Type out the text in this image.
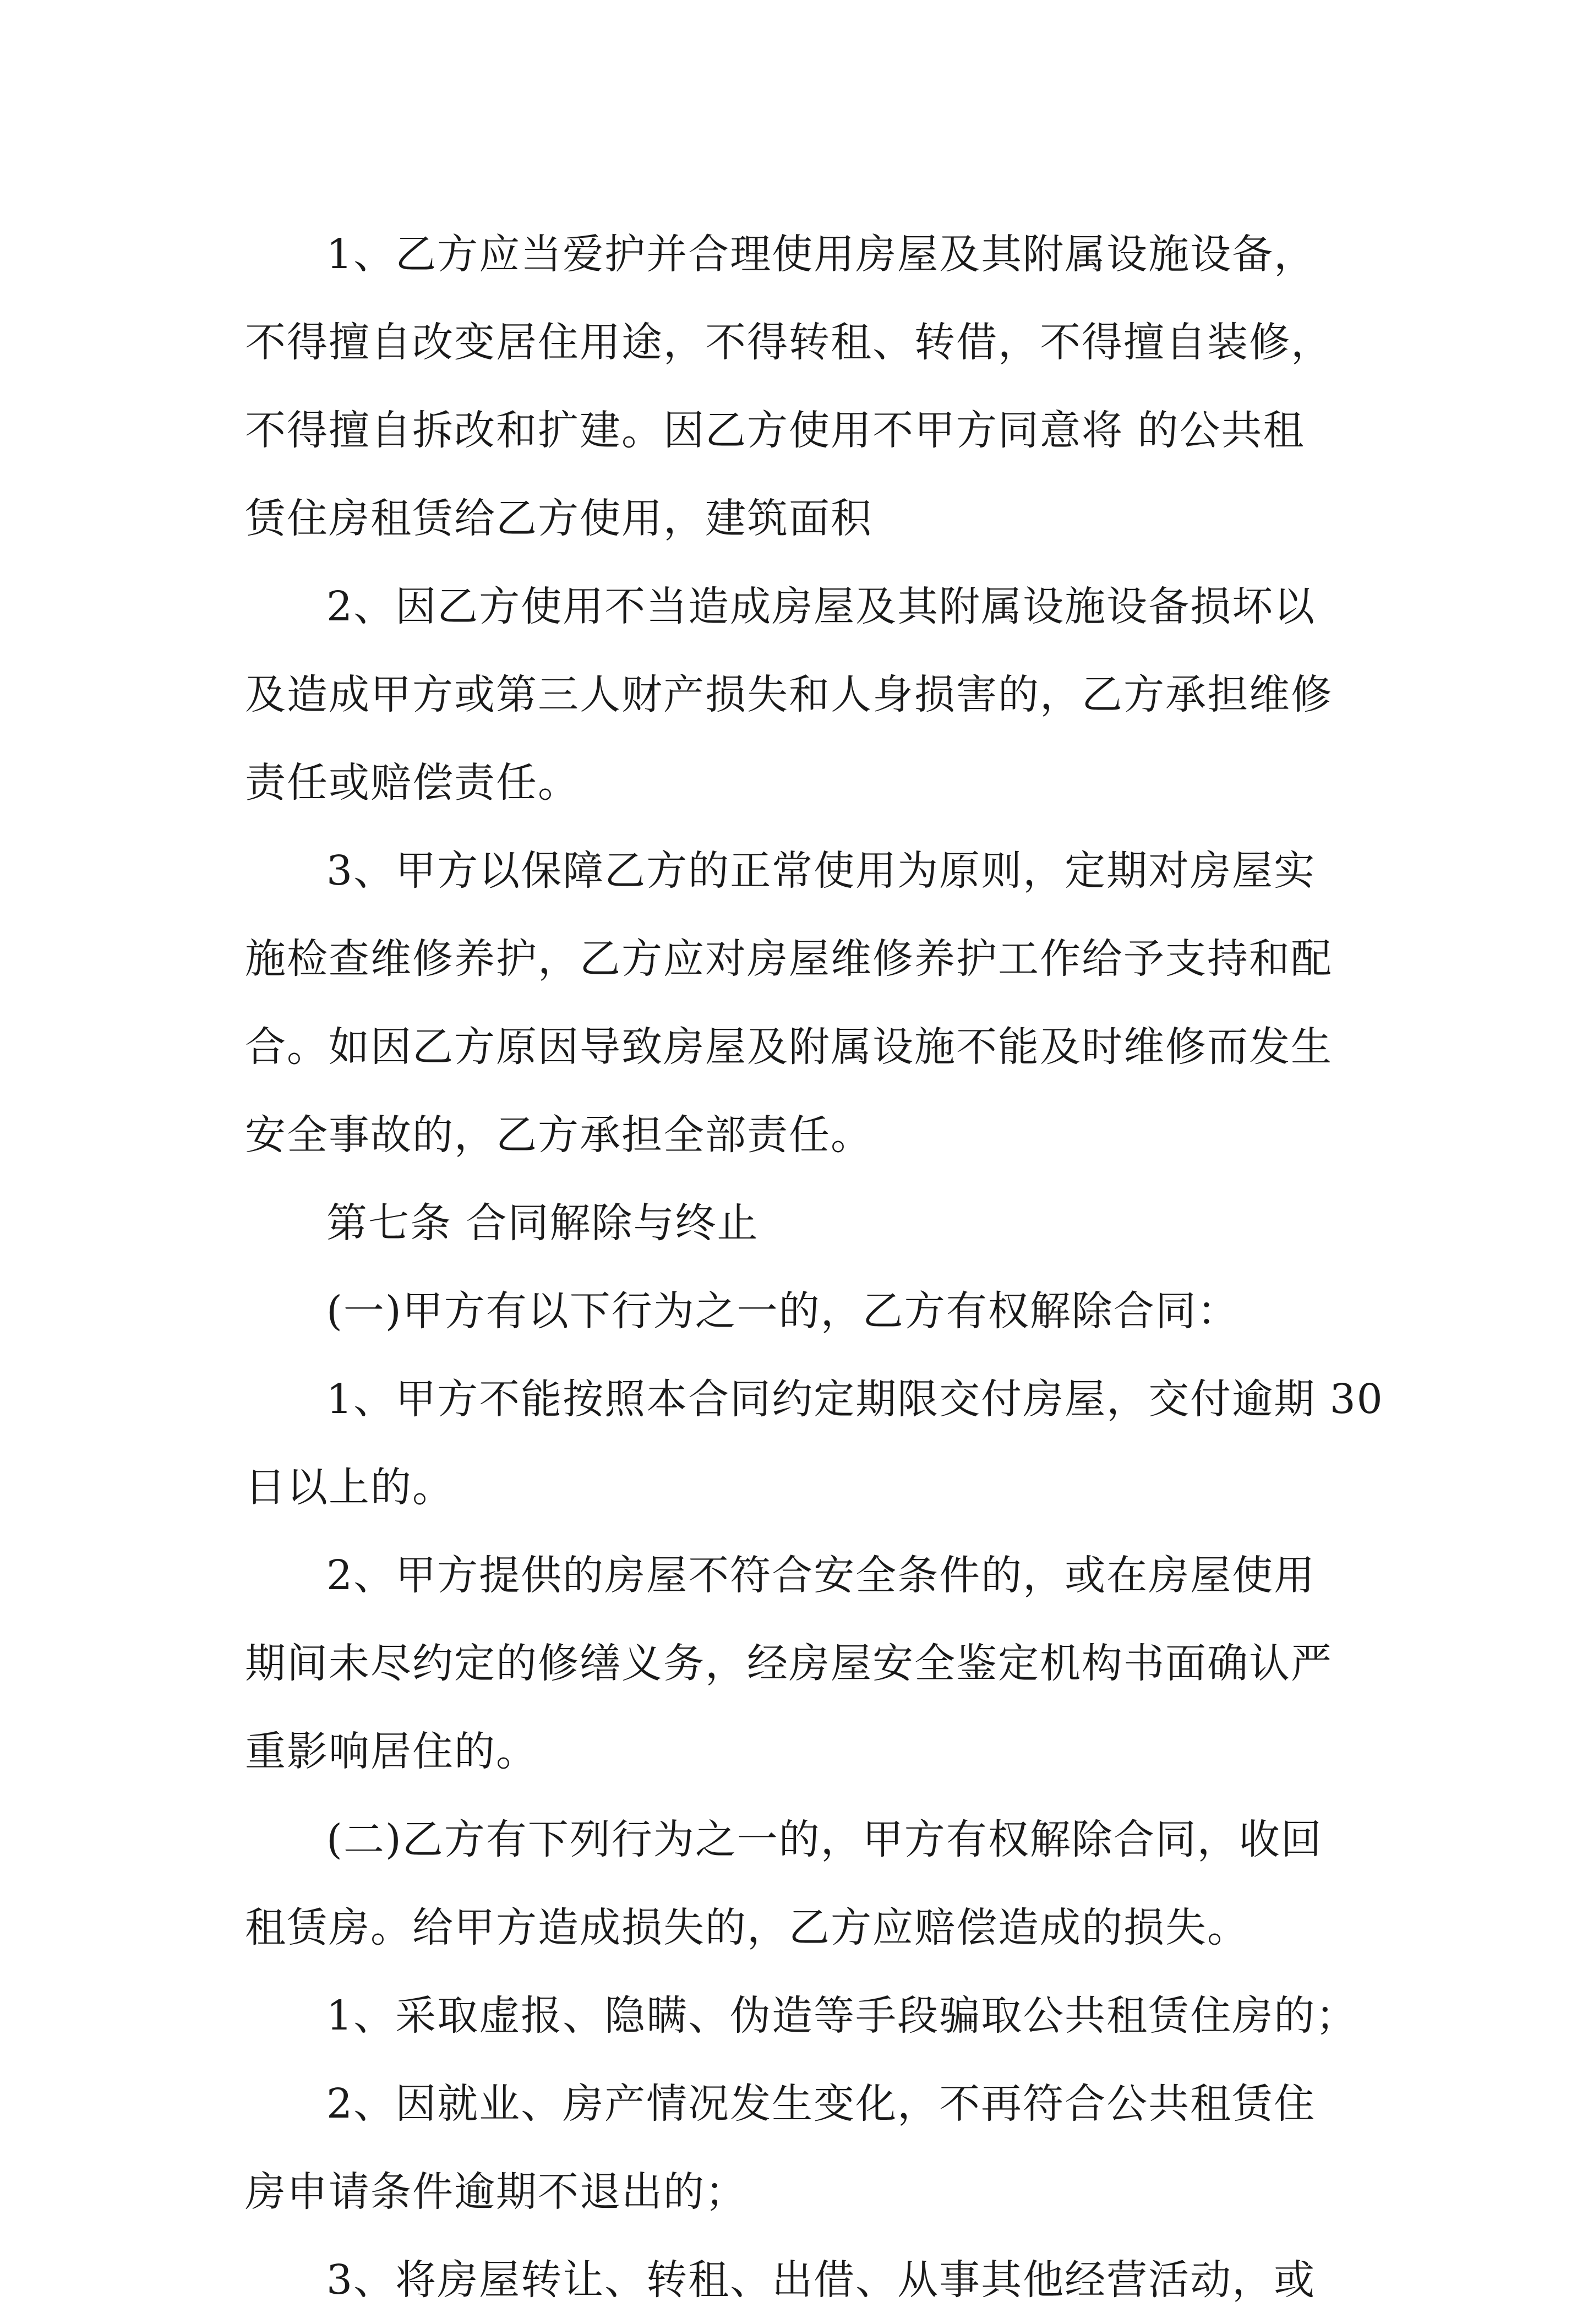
1、乙方应当爱护并合理使用房屋及其附属设施设备，
不得擅自改变居住用途，不得转租、转借，不得擅自装修，
不得擅自拆改和扩建。因乙方使用不甲方同意将 的公共租
赁住房租赁给乙方使用，建筑面积
2、因乙方使用不当造成房屋及其附属设施设备损坏以
及造成甲方或第三人财产损失和人身损害的，乙方承担维修
责任或赔偿责任。
3、甲方以保障乙方的正常使用为原则，定期对房屋实
施检查维修养护，乙方应对房屋维修养护工作给予支持和配
合。如因乙方原因导致房屋及附属设施不能及时维修而发生
安全事故的，乙方承担全部责任。
第七条 合同解除与终止
(一)甲方有以下行为之一的，乙方有权解除合同：
1、甲方不能按照本合同约定期限交付房屋，交付逾期 30
日以上的。
2、甲方提供的房屋不符合安全条件的，或在房屋使用
期间未尽约定的修缮义务，经房屋安全鉴定机构书面确认严
重影响居住的。
(二)乙方有下列行为之一的，甲方有权解除合同，收回
租赁房。给甲方造成损失的，乙方应赔偿造成的损失。
1、采取虚报、隐瞒、伪造等手段骗取公共租赁住房的；
2、因就业、房产情况发生变化，不再符合公共租赁住
房申请条件逾期不退出的；
3、将房屋转让、转租、出借、从事其他经营活动，或
